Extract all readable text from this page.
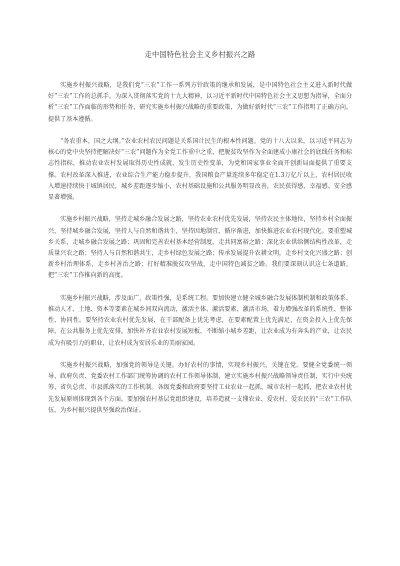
走中国特色社会主义乡村振兴之路

实施乡村振兴战略，是我们党“三农”工作一系列方针政策的继承和发展，是中国特色社会主义进入新时代做好“三农”工作的总抓手。为深入贯彻落实党的十九大精神，以习近平新时代中国特色社会主义思想为指导，全面分析“三农”工作面临的形势和任务，研究实施乡村振兴战略的重要政策，为做好新时代“三农”工作指明了正确方向，提供了基本遵循。

“务农重本，国之大纲。”农业农村农民问题是关系国计民生的根本性问题。党的十八大以来，以习近平同志为核心的党中央坚持把解决好“三农”问题作为全党工作重中之重，把脱贫攻坚作为全面建成小康社会的底线任务和标志性指标，推动农业农村发展取得历史性成就、发生历史性变革，为党和国家事业全面开创新局面提供了重要支撑。农村改革深入推进，农业综合生产能力稳步提升，我国粮食产量连续多年稳定在1.3万亿斤以上，农村居民收入增速持续快于城镇居民，城乡差距逐步缩小，农村基础设施和公共服务明显改善，农民获得感、幸福感、安全感显著增强。

实施乡村振兴战略，坚持走城乡融合发展之路，坚持农业农村优先发展，坚持农民主体地位，坚持乡村全面振兴，坚持城乡融合发展，坚持人与自然和谐共生，坚持因地制宜、循序渐进，加快推进农业农村现代化。要重塑城乡关系，走城乡融合发展之路；巩固和完善农村基本经营制度，走共同富裕之路；深化农业供给侧结构性改革，走质量兴农之路；坚持人与自然和谐共生，走乡村绿色发展之路；传承发展提升农耕文明，走乡村文化兴盛之路；创新乡村治理体系，走乡村善治之路；打好精准脱贫攻坚战，走中国特色减贫之路。我们要深刻认识这七条道路，把“三农”工作推向新的高度。

实施乡村振兴战略，涉及面广，政策性强，是系统工程。要加快建立健全城乡融合发展体制机制和政策体系，推动人才、土地、资本等要素在城乡间双向流动，激活主体、激活要素、激活市场，着力增强改革的系统性、整体性、协同性。要坚持农业农村优先发展，在干部配备上优先考虑，在要素配置上优先满足，在资金投入上优先保障，在公共服务上优先安排，加快补齐农业农村发展短板，不断缩小城乡差距，让农业成为有奔头的产业，让农民成为有吸引力的职业，让农村成为安居乐业的美丽家园。

实施乡村振兴战略，加强党的领导是关键。办好农村的事情，实现乡村振兴，关键在党。要健全党委统一领导、政府负责、党委农村工作部门统筹协调的农村工作领导体制，建立实施乡村振兴战略领导责任制，实行中央统筹、省负总责、市县抓落实的工作机制。各级党委和政府要坚持工业农业一起抓、城市农村一起抓，把农业农村优先发展原则体现到各个方面。要加强农村基层党组织建设，培养造就一支懂农业、爱农村、爱农民的“三农”工作队伍，为乡村振兴提供坚强政治保证。
